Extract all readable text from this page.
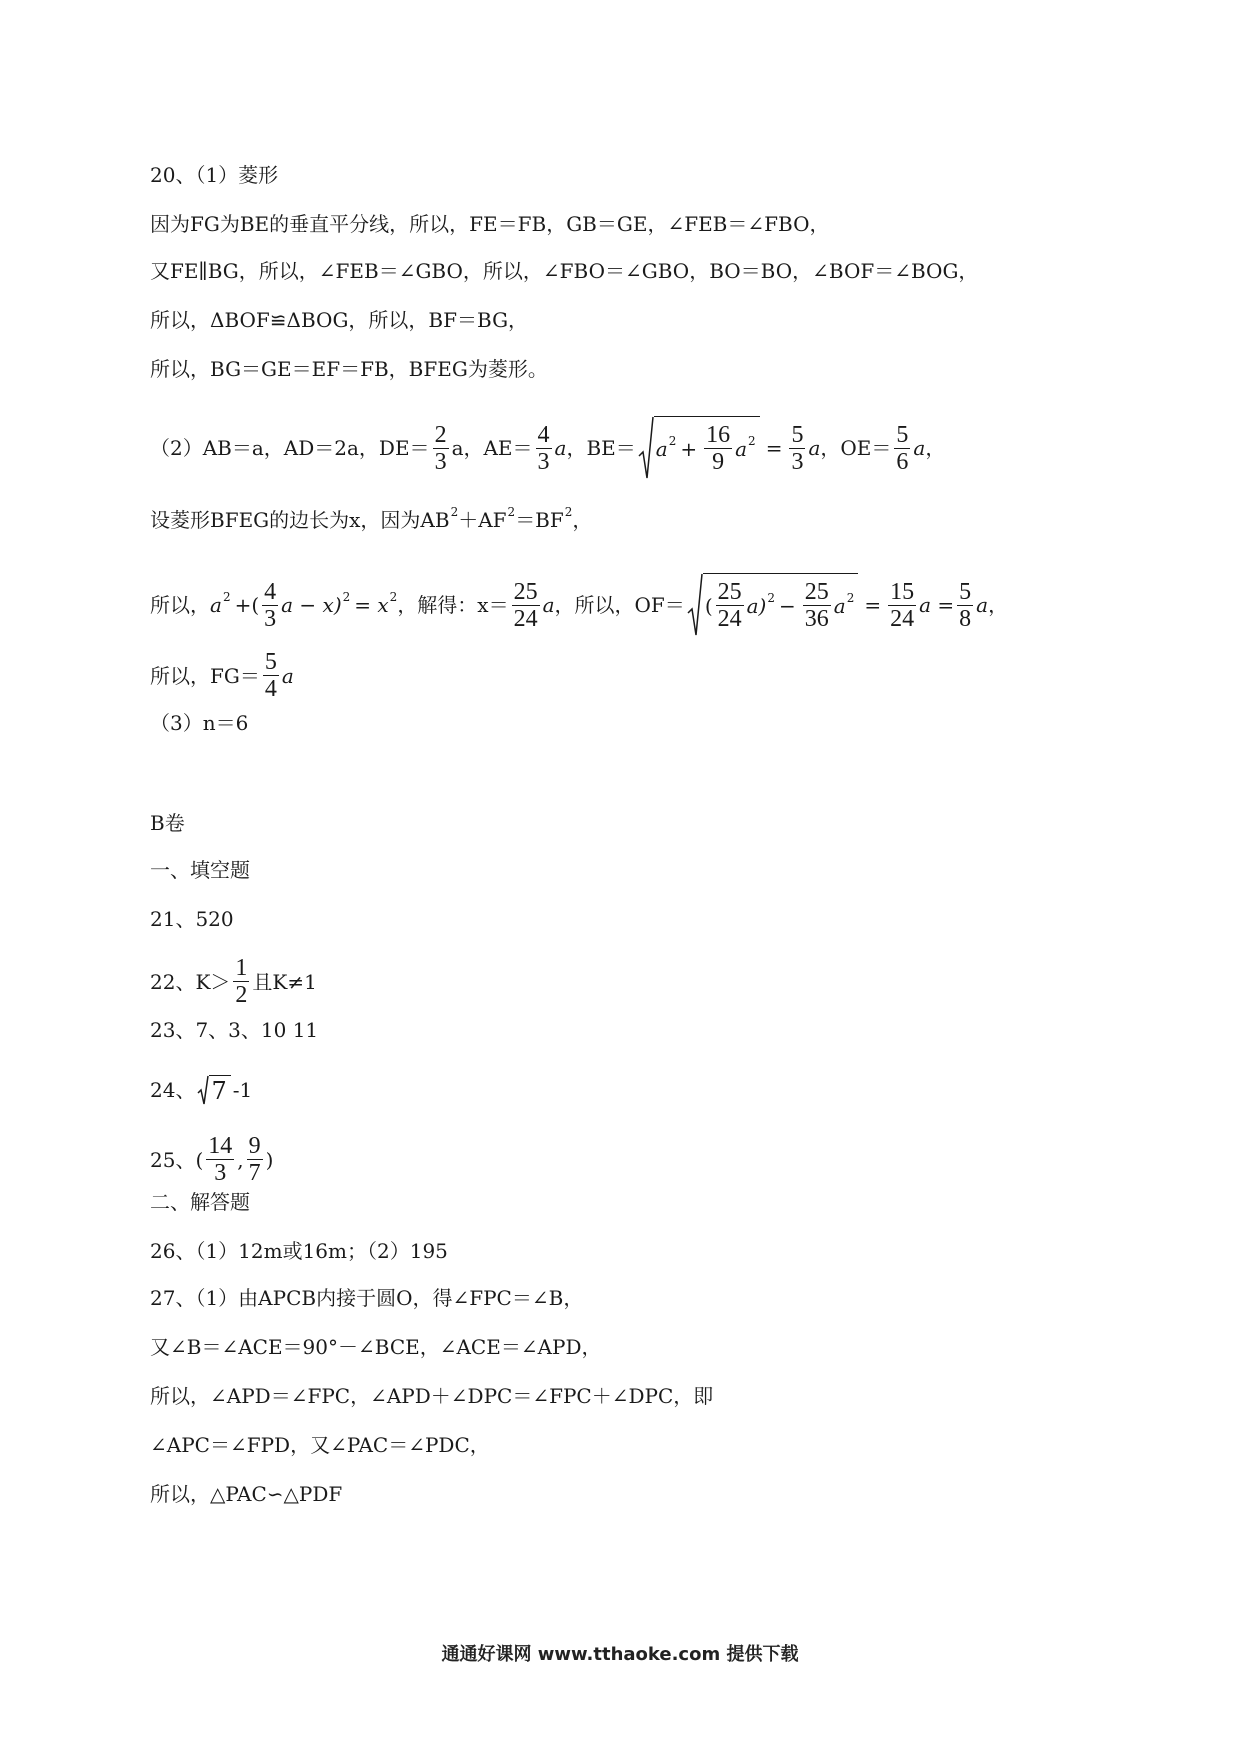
20、（1）菱形
因为FG为BE的垂直平分线，所以，FE＝FB，GB＝GE，∠FEB＝∠FBO，
又FE∥BG，所以，∠FEB＝∠GBO，所以，∠FBO＝∠GBO，BO＝BO，∠BOF＝∠BOG，
所以，ΔBOF≌ΔBOG，所以，BF＝BG，
所以，BG＝GE＝EF＝FB，BFEG为菱形。
（2）AB＝a，AD＝2a，$DE= \frac{2}{3}$ a，$AE= \frac{4}{3}$ a ，$BE= a^2 + \frac{16}{9} a^2 = \frac{5}{3}$ a ，$OE= \frac{5}{6}$ a ，
设菱形BFEG的边长为x，因为$AB^2 +AF^2 =BF^2$ ，
所以， $a^2$ +( $\frac{4}{3}$ $a - x)^2 = x^2$ ，解得：$x= \frac{25}{24}$ a ，所以，OF＝ ( $\frac{25}{24} a)^2 - \frac{25}{36} a^2 = \frac{15}{24}$ $a = \frac{5}{8}$ a ，
所以，$FG= \frac{5}{4}$ a
（3）n＝6
B卷
一、填空题
21、520
22、$K> \frac{1}{2}$ 且K≠1
23、7、3、10 11
24、 7 -1
25、( $\frac{14}{3}$ , $\frac{9}{7}$ )
二、解答题
26、（1）12m或16m；（2）195
27、（1）由APCB内接于圆O，得∠FPC＝∠B，
又∠B＝∠ACE＝90°－∠BCE，∠ACE＝∠APD，
所以，∠APD＝∠FPC，∠APD＋∠DPC＝∠FPC＋∠DPC，即
∠APC＝∠FPD，又∠PAC＝∠PDC，
所以，△PAC∽△PDF
通通好课网 www.tthaoke.com 提供下载
